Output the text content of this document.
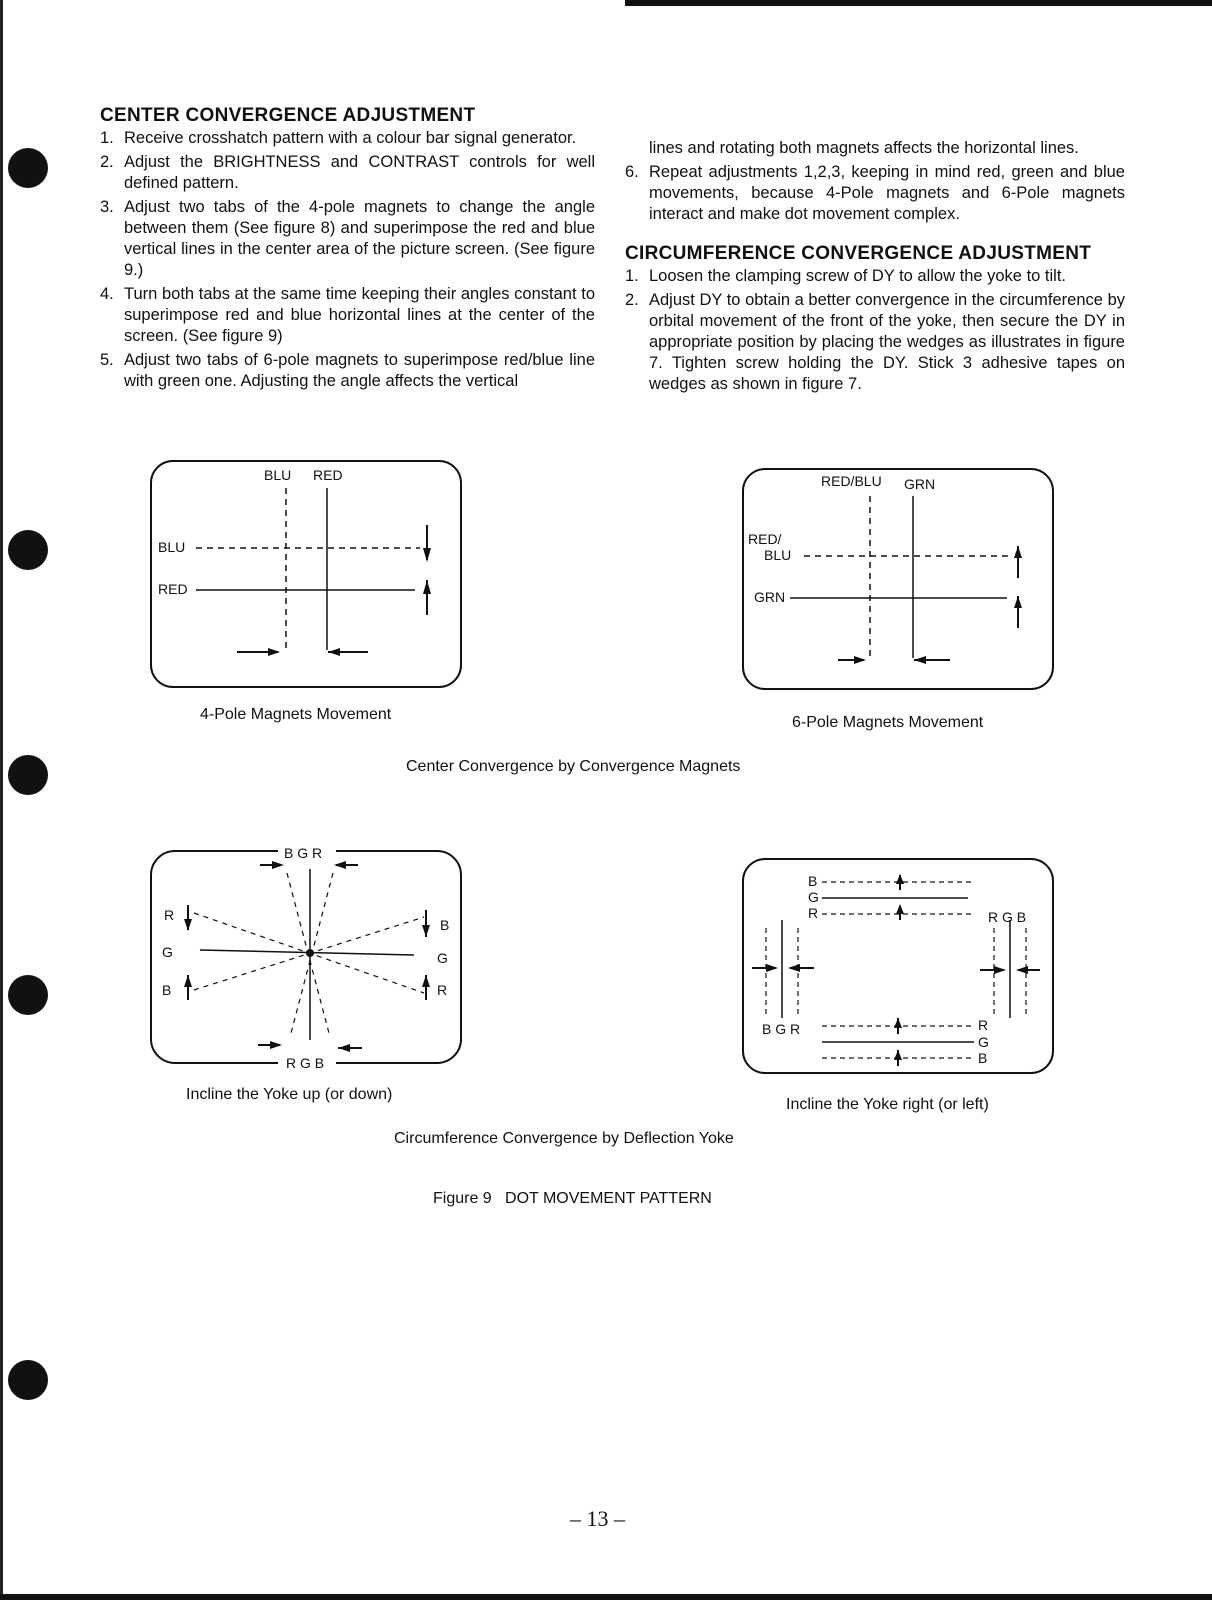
CENTER CONVERGENCE ADJUSTMENT
1. Receive crosshatch pattern with a colour bar signal generator.
2. Adjust the BRIGHTNESS and CONTRAST controls for well defined pattern.
3. Adjust two tabs of the 4-pole magnets to change the angle between them (See figure 8) and superimpose the red and blue vertical lines in the center area of the picture screen. (See figure 9.)
4. Turn both tabs at the same time keeping their angles constant to superimpose red and blue horizontal lines at the center of the screen. (See figure 9)
5. Adjust two tabs of 6-pole magnets to superimpose red/blue line with green one. Adjusting the angle affects the vertical
lines and rotating both magnets affects the horizontal lines.
6. Repeat adjustments 1,2,3, keeping in mind red, green and blue movements, because 4-Pole magnets and 6-Pole magnets interact and make dot movement complex.
CIRCUMFERENCE CONVERGENCE ADJUSTMENT
1. Loosen the clamping screw of DY to allow the yoke to tilt.
2. Adjust DY to obtain a better convergence in the circumference by orbital movement of the front of the yoke, then secure the DY in appropriate position by placing the wedges as illustrates in figure 7. Tighten screw holding the DY. Stick 3 adhesive tapes on wedges as shown in figure 7.
BLU RED
BLU
RED
4-Pole Magnets Movement
RED/BLU GRN
RED/
BLU
GRN
6-Pole Magnets Movement
Center Convergence by Convergence Magnets
B G R
R G B
R
G
B
B
G
R
Incline the Yoke up (or down)
B
G
R	R G B
B G R	R
G
B
Incline the Yoke right (or left)
Circumference Convergence by Deflection Yoke
Figure 9   DOT MOVEMENT PATTERN
– 13 –
